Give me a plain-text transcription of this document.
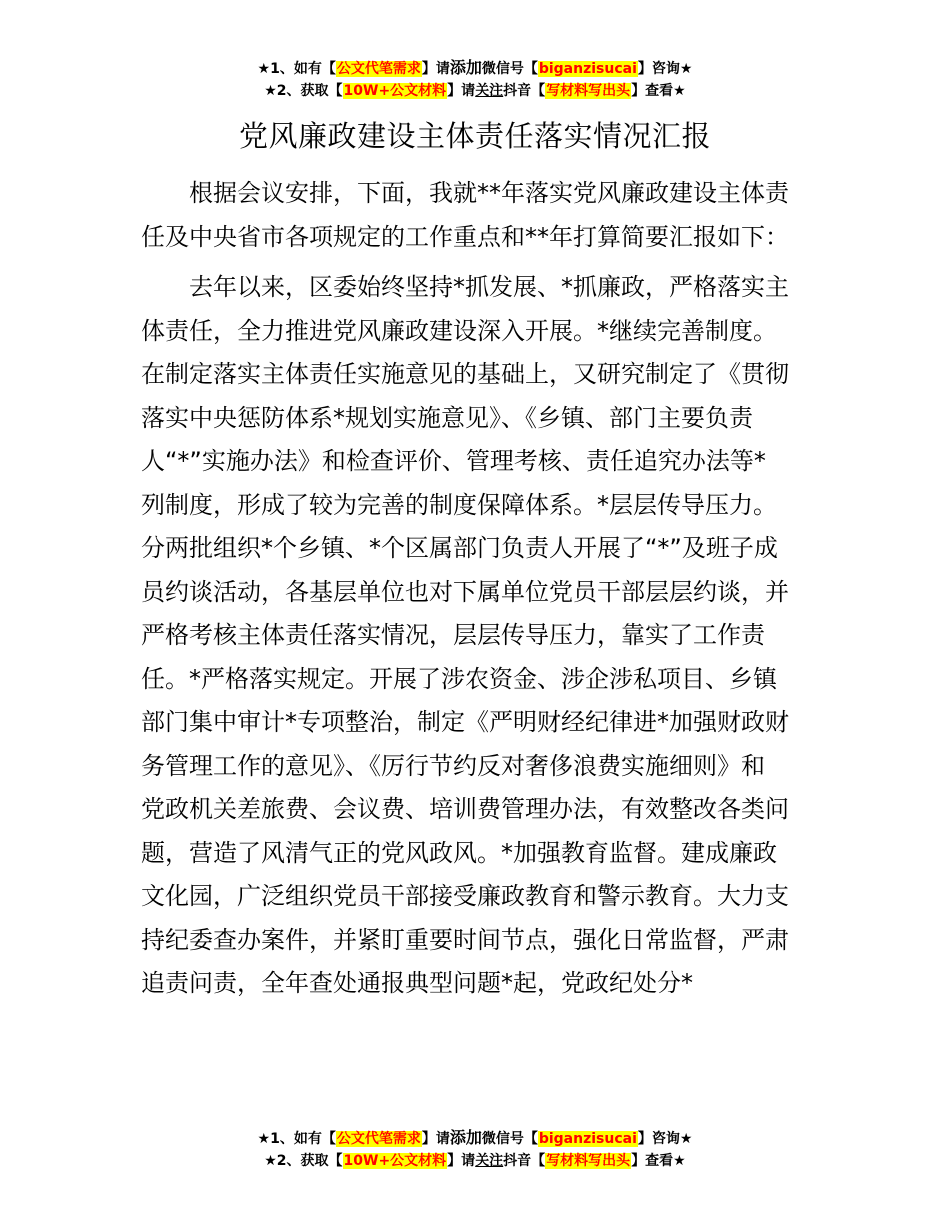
★1、如有【公文代笔需求】请添加微信号【biganzisucai】咨询★
★2、获取【10W+公文材料】请关注抖音【写材料写出头】查看★
党风廉政建设主体责任落实情况汇报
根据会议安排，下面，我就**年落实党风廉政建设主体责
任及中央省市各项规定的工作重点和**年打算简要汇报如下：
去年以来，区委始终坚持*抓发展、*抓廉政，严格落实主
体责任，全力推进党风廉政建设深入开展。*继续完善制度。
在制定落实主体责任实施意见的基础上，又研究制定了《贯彻
落实中央惩防体系*规划实施意见》、《乡镇、部门主要负责
人“*”实施办法》和检查评价、管理考核、责任追究办法等*
列制度，形成了较为完善的制度保障体系。*层层传导压力。
分两批组织*个乡镇、*个区属部门负责人开展了“*”及班子成
员约谈活动，各基层单位也对下属单位党员干部层层约谈，并
严格考核主体责任落实情况，层层传导压力，靠实了工作责
任。*严格落实规定。开展了涉农资金、涉企涉私项目、乡镇
部门集中审计*专项整治，制定《严明财经纪律进*加强财政财
务管理工作的意见》、《厉行节约反对奢侈浪费实施细则》和
党政机关差旅费、会议费、培训费管理办法，有效整改各类问
题，营造了风清气正的党风政风。*加强教育监督。建成廉政
文化园，广泛组织党员干部接受廉政教育和警示教育。大力支
持纪委查办案件，并紧盯重要时间节点，强化日常监督，严肃
追责问责，全年查处通报典型问题*起，党政纪处分*
★1、如有【公文代笔需求】请添加微信号【biganzisucai】咨询★
★2、获取【10W+公文材料】请关注抖音【写材料写出头】查看★
